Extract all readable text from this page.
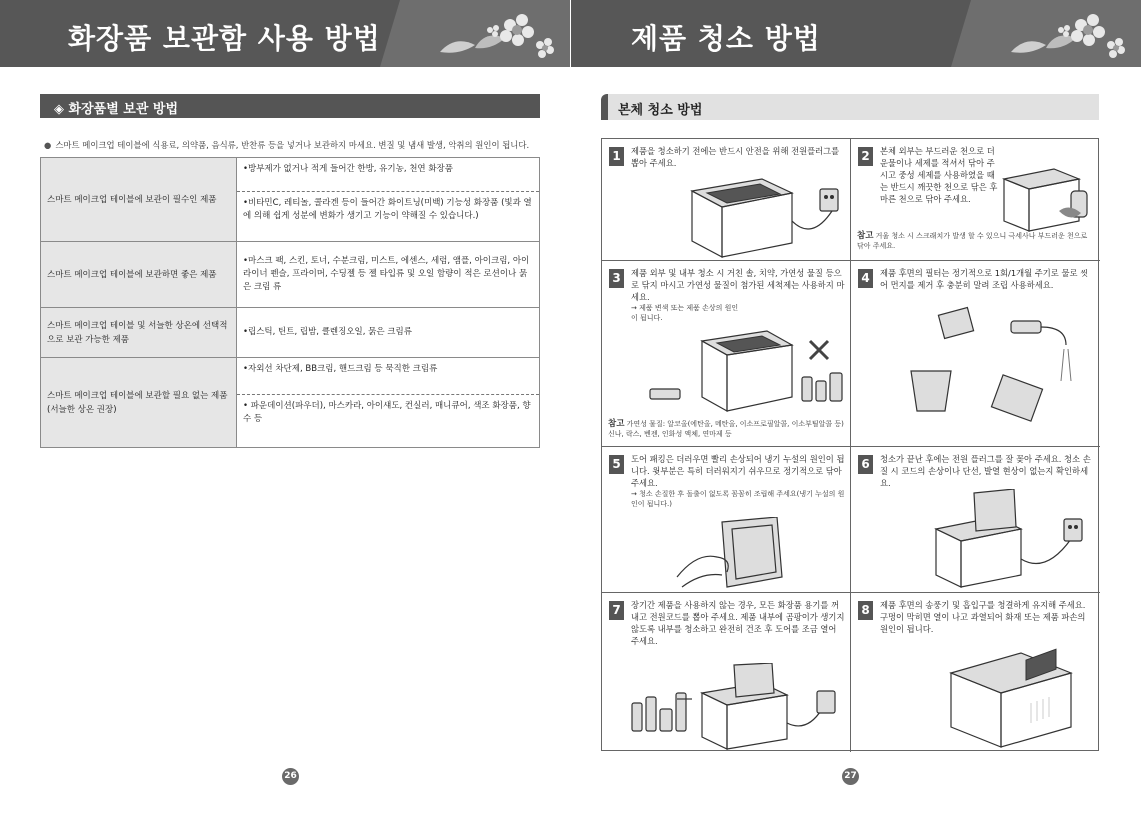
화장품 보관함 사용 방법
◈ 화장품별 보관 방법
● 스마트 메이크업 테이블에 식용료, 의약품, 음식류, 반찬류 등을 넣거나 보관하지 마세요. 변질 및 냄새 발생, 악취의 원인이 됩니다.
스마트 메이크업 테이블에 보관이 필수인 제품	•방부제가 없거나 적게 들어간 한방, 유기농, 천연 화장품
•비타민C, 레티놀, 콜라겐 등이 들어간 화이트닝(미백) 기능성 화장품 (빛과 열에 의해 쉽게 성분에 변화가 생기고 기능이 약해질 수 있습니다.)

스마트 메이크업 테이블에 보관하면 좋은 제품	•마스크 팩, 스킨, 토너, 수분크림, 미스트, 에센스, 세럼, 앰플, 아이크림, 아이라이너 펜슬, 프라이머, 수딩젤 등 젤 타입류 및 오일 함량이 적은 로션이나 묽은 크림 류

스마트 메이크업 테이블 및 서늘한 상온에 선택적으로 보관 가능한 제품	•립스틱, 틴트, 립밤, 클렌징오일, 묽은 크림류

스마트 메이크업 테이블에 보관할 필요 없는 제품 (서늘한 상온 권장)	•자외선 차단제, BB크림, 핸드크림 등 묵직한 크림류
• 파운데이션(파우더), 마스카라, 아이섀도, 컨실러, 매니큐어, 색조 화장품, 향수 등
26
제품 청소 방법
본체 청소 방법
1	제품을 청소하기 전에는 반드시 안전을 위해 전원플러그를 뽑아 주세요.	2	본체 외부는 부드러운 천으로 더운물이나 세제를 적셔서 닦아 주시고 중성 세제를 사용하였을 때는 반드시 깨끗한 천으로 닦은 후 마른 천으로 닦아 주세요.
참고 거울 청소 시 스크래치가 발생 할 수 있으니 극세사나 부드러운 천으로 닦아 주세요.
3	제품 외부 및 내부 청소 시 거친 솔, 치약, 가연성 물질 등으로 닦지 마시고 가연성 물질이 첨가된 세척제는 사용하지 마세요.
→ 제품 변색 또는 제품 손상의 원인이 됩니다.
참고 가연성 물질: 알코올(에탄올, 메탄올, 이소프로필알콜, 이소부틸알콜 등)신나, 락스, 벤젠, 인화성 액체, 연마제 등
4	제품 후면의 필터는 정기적으로 1회/1개월 주기로 물로 씻어 먼지를 제거 후 충분히 말려 조립 사용하세요.
5	도어 패킹은 더러우면 빨리 손상되어 냉기 누설의 원인이 됩니다. 윗부분은 특히 더러워지기 쉬우므로 정기적으로 닦아 주세요.
→ 청소 손질한 후 돌출이 없도록 꼼꼼히 조립해 주세요(냉기 누설의 원인이 됩니다.)
6	청소가 끝난 후에는 전원 플러그를 잘 꽂아 주세요. 청소 손질 시 코드의 손상이나 단선, 발열 현상이 없는지 확인하세요.
7	장기간 제품을 사용하지 않는 경우, 모든 화장품 용기를 꺼내고 전원코드를 뽑아 주세요. 제품 내부에 곰팡이가 생기지 않도록 내부를 청소하고 완전히 건조 후 도어를 조금 열어 주세요.
8	제품 후면의 송풍기 및 흡입구를 청결하게 유지해 주세요. 구멍이 막히면 열이 나고 과열되어 화재 또는 제품 파손의 원인이 됩니다.
27
